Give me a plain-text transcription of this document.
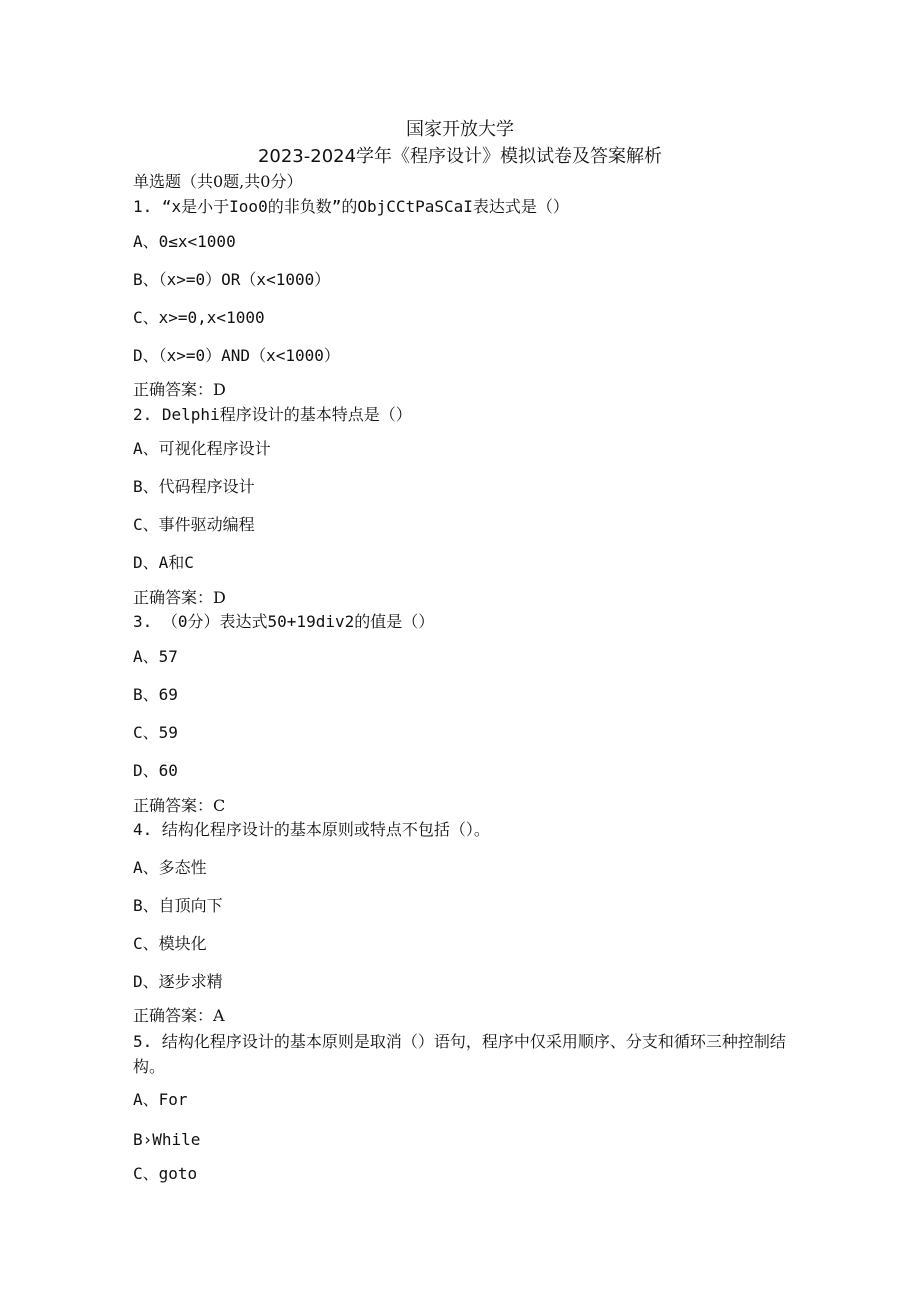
国家开放大学
2023-2024学年《程序设计》模拟试卷及答案解析
单选题（共0题,共0分）
1. “x是小于Ioo0的非负数”的ObjCCtPaSCaI表达式是（）
A、0≤x<1000
B、（x>=0）OR（x<1000）
C、x>=0,x<1000
D、（x>=0）AND（x<1000）
正确答案：D
2. Delphi程序设计的基本特点是（）
A、可视化程序设计
B、代码程序设计
C、事件驱动编程
D、A和C
正确答案：D
3. （0分）表达式50+19div2的值是（）
A、57
B、69
C、59
D、60
正确答案：C
4. 结构化程序设计的基本原则或特点不包括（）。
A、多态性
B、自顶向下
C、模块化
D、逐步求精
正确答案：A
5. 结构化程序设计的基本原则是取消（）语句，程序中仅采用顺序、分支和循环三种控制结构。
A、For
B›While
C、goto
